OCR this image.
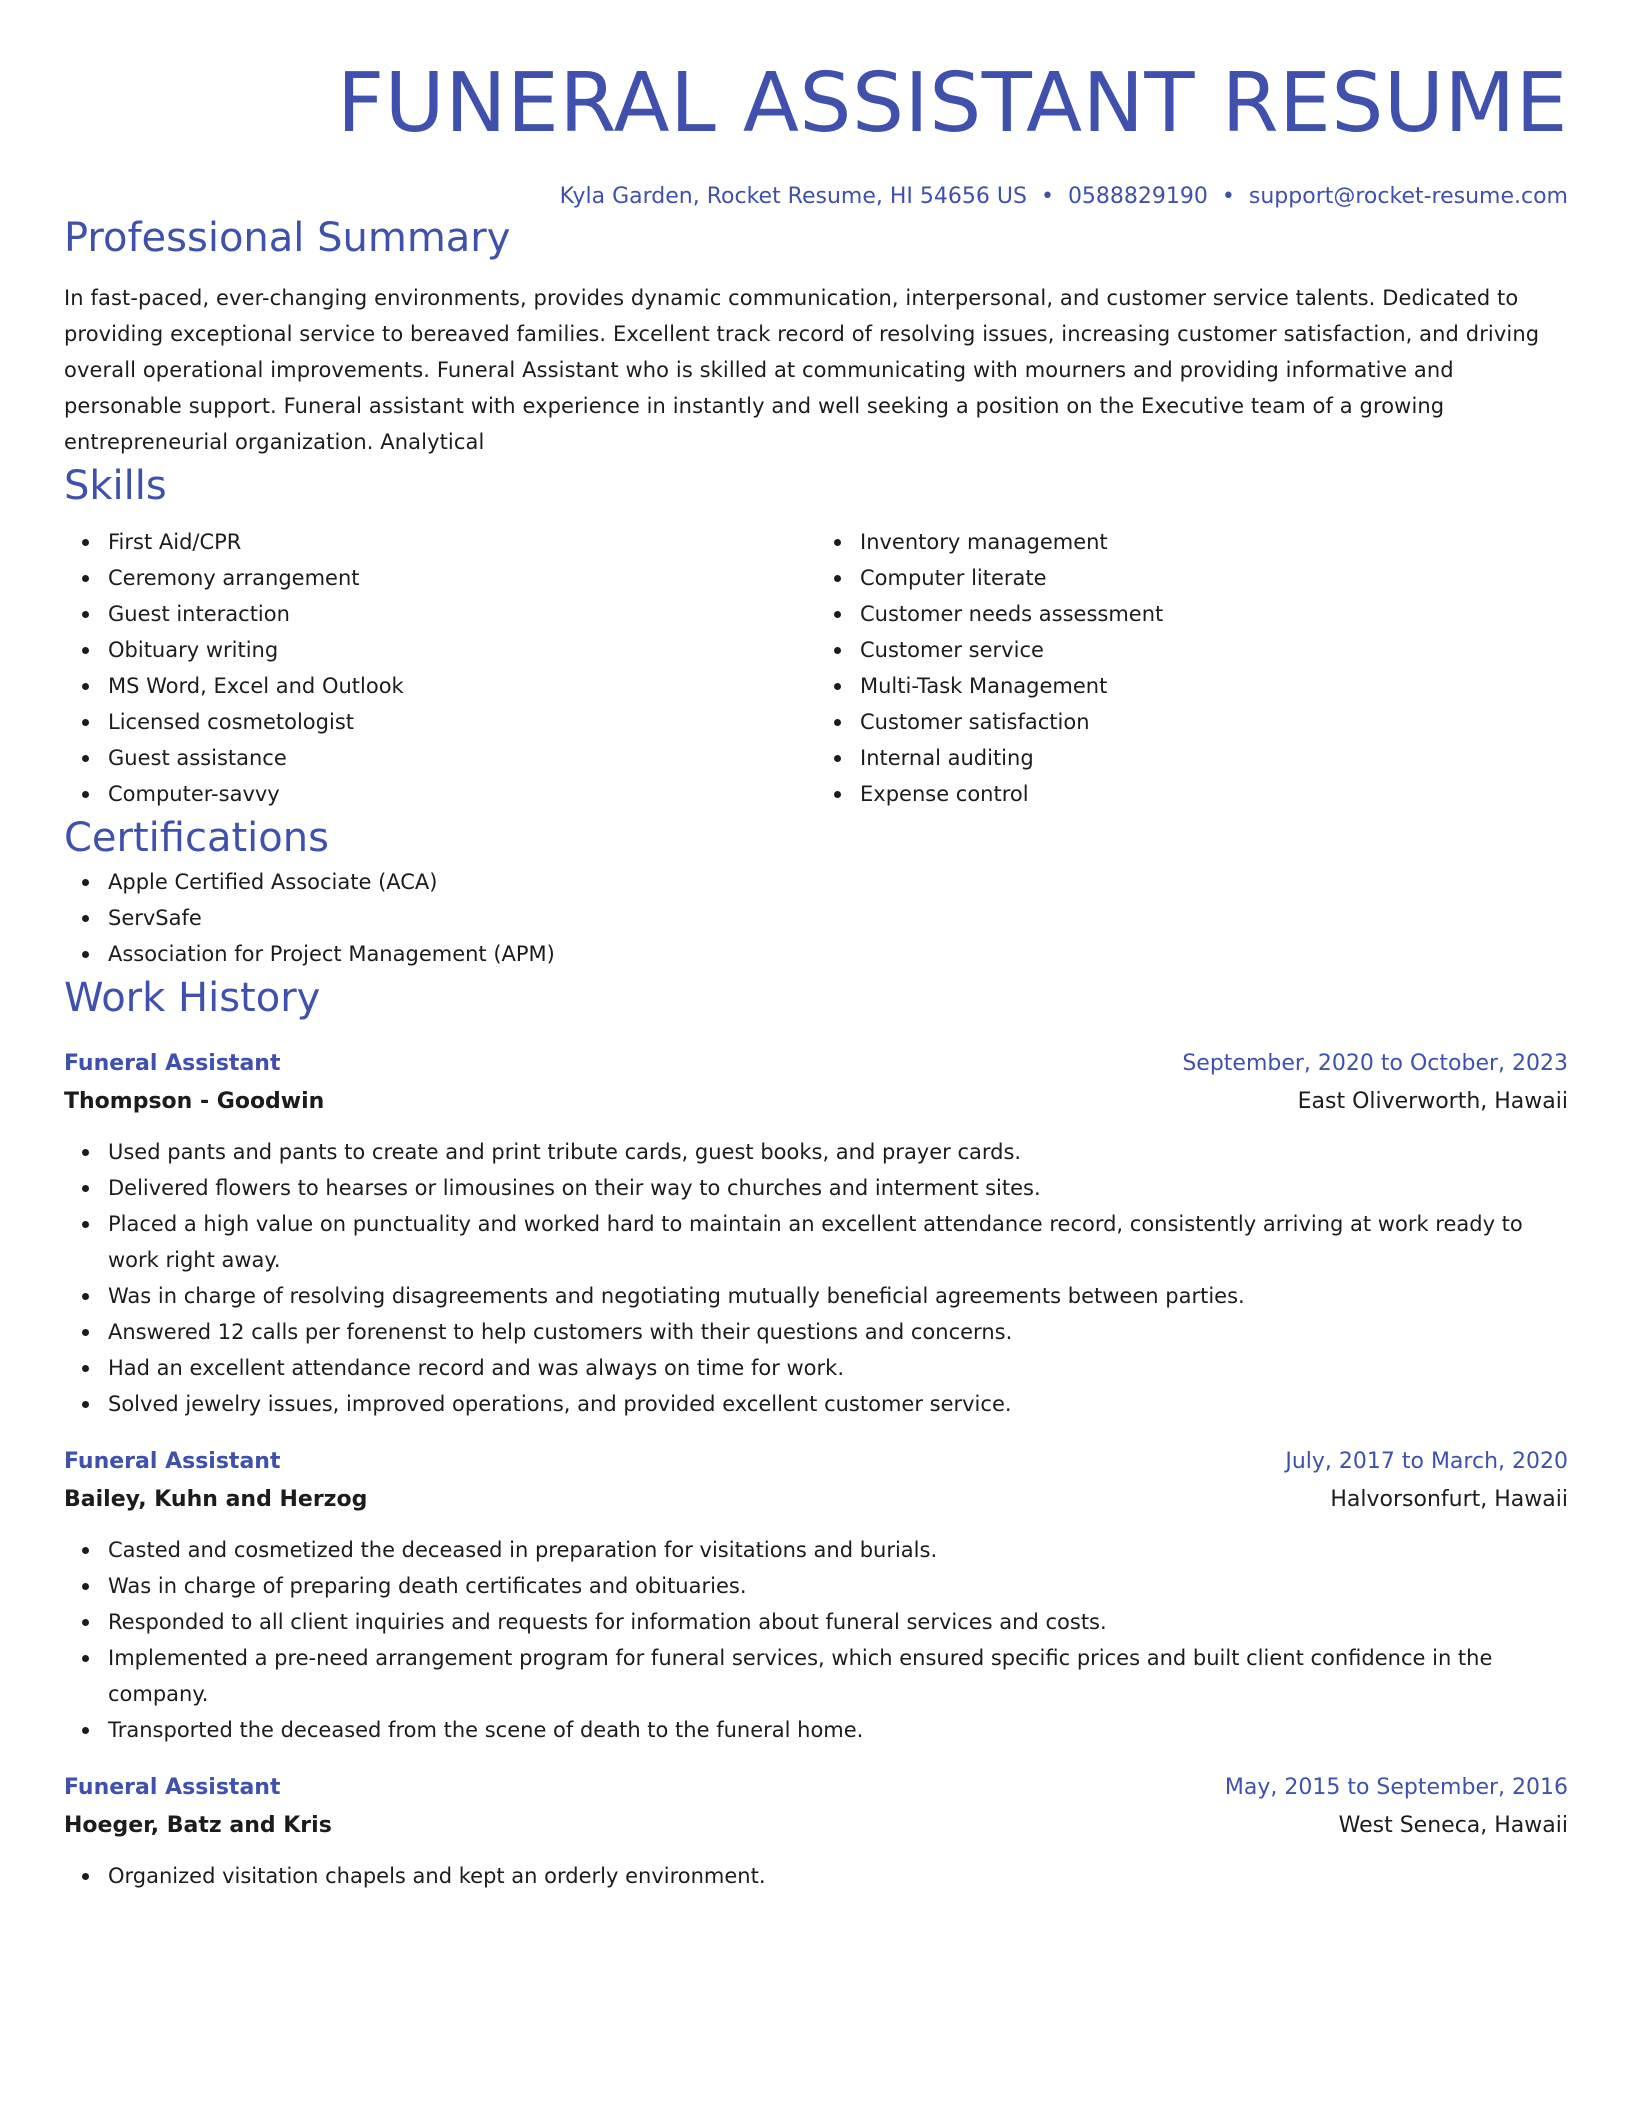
FUNERAL ASSISTANT RESUME
Kyla Garden, Rocket Resume, HI 54656 US • 0588829190 • support@rocket-resume.com
Professional Summary

In fast-paced, ever-changing environments, provides dynamic communication, interpersonal, and customer service talents. Dedicated to providing exceptional service to bereaved families. Excellent track record of resolving issues, increasing customer satisfaction, and driving overall operational improvements. Funeral Assistant who is skilled at communicating with mourners and providing informative and personable support. Funeral assistant with experience in instantly and well seeking a position on the Executive team of a growing entrepreneurial organization. Analytical

Skills
First Aid/CPR
Ceremony arrangement
Guest interaction
Obituary writing
MS Word, Excel and Outlook
Licensed cosmetologist
Guest assistance
Computer-savvy
Inventory management
Computer literate
Customer needs assessment
Customer service
Multi-Task Management
Customer satisfaction
Internal auditing
Expense control
Certifications
Apple Certified Associate (ACA)
ServSafe
Association for Project Management (APM)
Work History
Funeral Assistant	September, 2020 to October, 2023
Thompson - Goodwin	East Oliverworth, Hawaii
Used pants and pants to create and print tribute cards, guest books, and prayer cards.
Delivered flowers to hearses or limousines on their way to churches and interment sites.
Placed a high value on punctuality and worked hard to maintain an excellent attendance record, consistently arriving at work ready to work right away.
Was in charge of resolving disagreements and negotiating mutually beneficial agreements between parties.
Answered 12 calls per forenenst to help customers with their questions and concerns.
Had an excellent attendance record and was always on time for work.
Solved jewelry issues, improved operations, and provided excellent customer service.
Funeral Assistant	July, 2017 to March, 2020
Bailey, Kuhn and Herzog	Halvorsonfurt, Hawaii
Casted and cosmetized the deceased in preparation for visitations and burials.
Was in charge of preparing death certificates and obituaries.
Responded to all client inquiries and requests for information about funeral services and costs.
Implemented a pre-need arrangement program for funeral services, which ensured specific prices and built client confidence in the company.
Transported the deceased from the scene of death to the funeral home.
Funeral Assistant	May, 2015 to September, 2016
Hoeger, Batz and Kris	West Seneca, Hawaii
Organized visitation chapels and kept an orderly environment.
